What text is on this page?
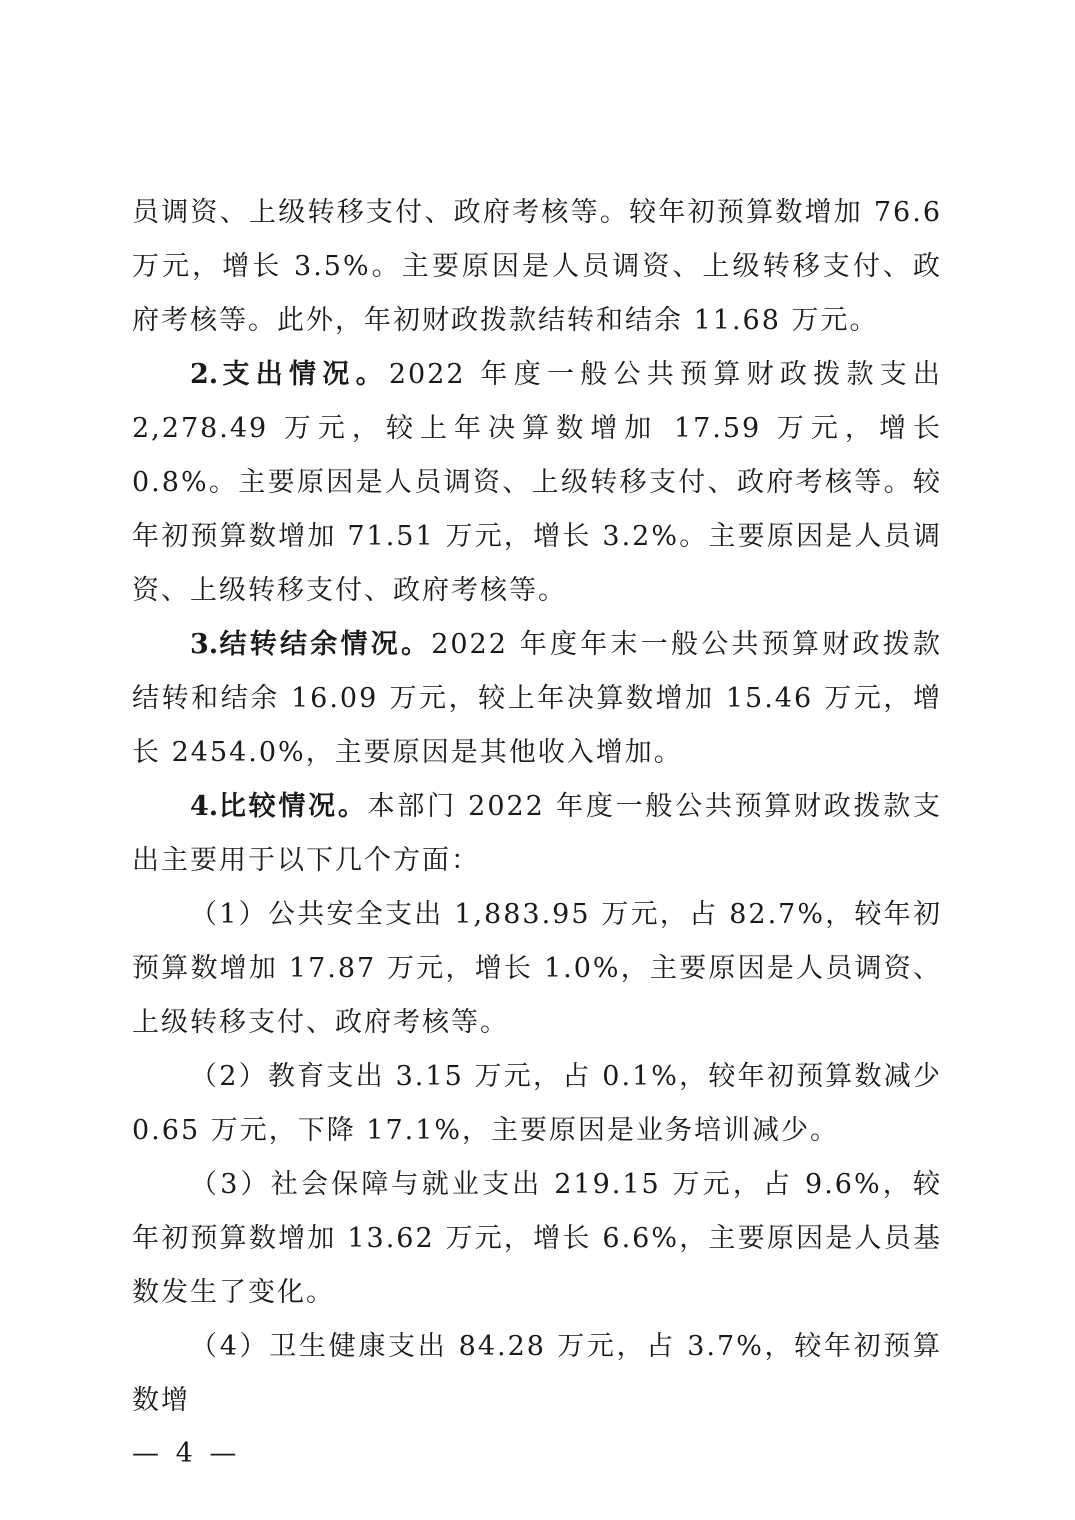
员调资、上级转移支付、政府考核等。较年初预算数增加 76.6 万元，增长 3.5%。主要原因是人员调资、上级转移支付、政府考核等。此外，年初财政拨款结转和结余 11.68 万元。

2.支出情况。2022 年度一般公共预算财政拨款支出 2,278.49 万元，较上年决算数增加 17.59 万元，增长 0.8%。主要原因是人员调资、上级转移支付、政府考核等。较年初预算数增加 71.51 万元，增长 3.2%。主要原因是人员调资、上级转移支付、政府考核等。

3.结转结余情况。2022 年度年末一般公共预算财政拨款结转和结余 16.09 万元，较上年决算数增加 15.46 万元，增长 2454.0%，主要原因是其他收入增加。

4.比较情况。本部门 2022 年度一般公共预算财政拨款支出主要用于以下几个方面：

（1）公共安全支出 1,883.95 万元，占 82.7%，较年初预算数增加 17.87 万元，增长 1.0%，主要原因是人员调资、上级转移支付、政府考核等。

（2）教育支出 3.15 万元，占 0.1%，较年初预算数减少 0.65 万元，下降 17.1%，主要原因是业务培训减少。

（3）社会保障与就业支出 219.15 万元，占 9.6%，较年初预算数增加 13.62 万元，增长 6.6%，主要原因是人员基数发生了变化。

（4）卫生健康支出 84.28 万元，占 3.7%，较年初预算数增

— 4 —
